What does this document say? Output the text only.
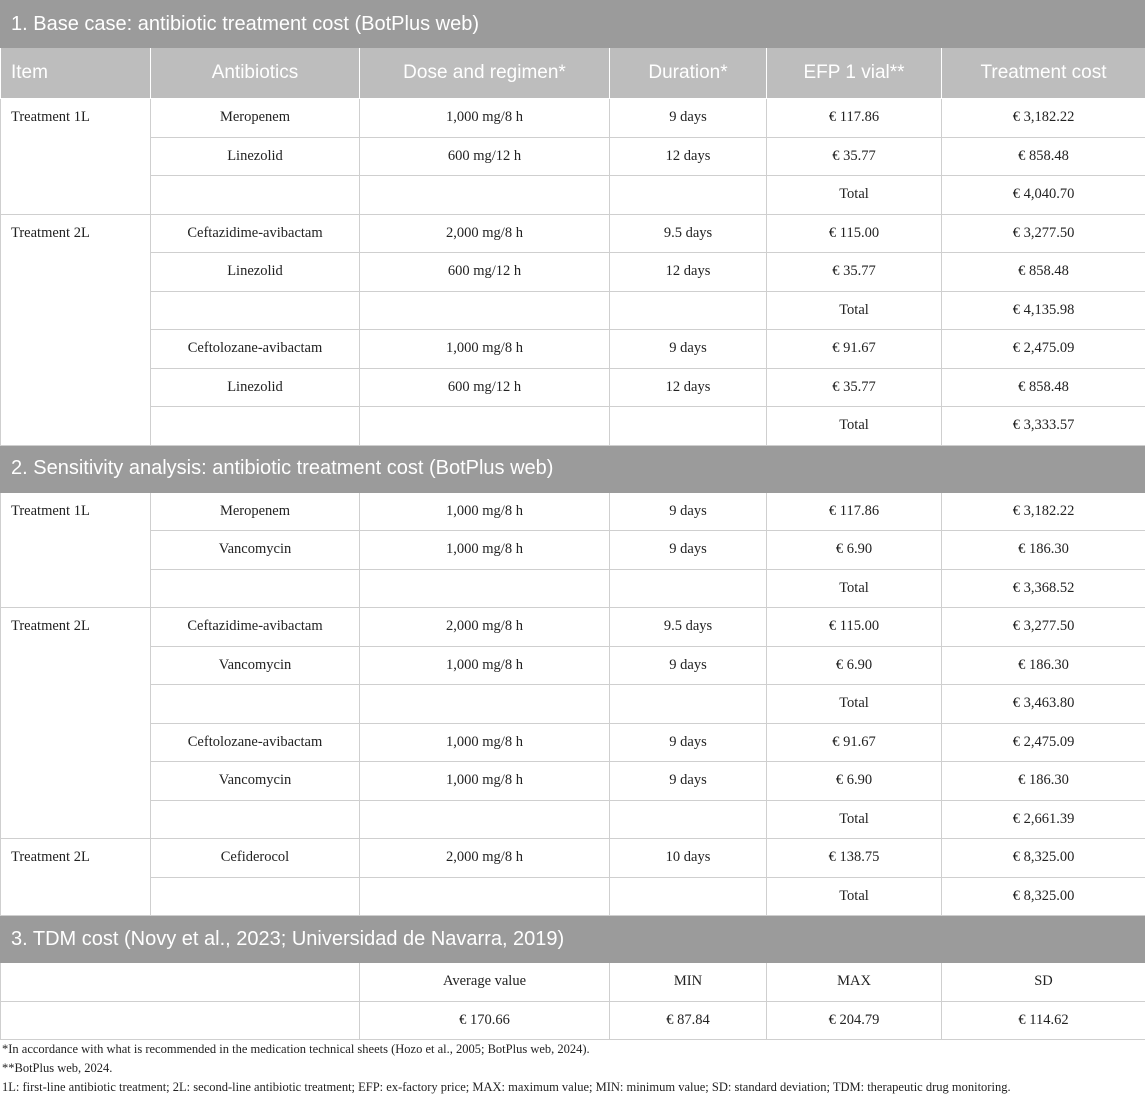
1. Base case: antibiotic treatment cost (BotPlus web)					
Item	Antibiotics	Dose and regimen*	Duration*	EFP 1 vial**	Treatment cost
Treatment 1L	Meropenem	1,000 mg/8 h	9 days	€ 117.86	€ 3,182.22
	Linezolid	600 mg/12 h	12 days	€ 35.77	€ 858.48
				Total	€ 4,040.70
Treatment 2L	Ceftazidime-avibactam	2,000 mg/8 h	9.5 days	€ 115.00	€ 3,277.50
	Linezolid	600 mg/12 h	12 days	€ 35.77	€ 858.48
				Total	€ 4,135.98
	Ceftolozane-avibactam	1,000 mg/8 h	9 days	€ 91.67	€ 2,475.09
	Linezolid	600 mg/12 h	12 days	€ 35.77	€ 858.48
				Total	€ 3,333.57
2. Sensitivity analysis: antibiotic treatment cost (BotPlus web)					
Treatment 1L	Meropenem	1,000 mg/8 h	9 days	€ 117.86	€ 3,182.22
	Vancomycin	1,000 mg/8 h	9 days	€ 6.90	€ 186.30
				Total	€ 3,368.52
Treatment 2L	Ceftazidime-avibactam	2,000 mg/8 h	9.5 days	€ 115.00	€ 3,277.50
	Vancomycin	1,000 mg/8 h	9 days	€ 6.90	€ 186.30
				Total	€ 3,463.80
	Ceftolozane-avibactam	1,000 mg/8 h	9 days	€ 91.67	€ 2,475.09
	Vancomycin	1,000 mg/8 h	9 days	€ 6.90	€ 186.30
				Total	€ 2,661.39
Treatment 2L	Cefiderocol	2,000 mg/8 h	10 days	€ 138.75	€ 8,325.00
				Total	€ 8,325.00
3. TDM cost (Novy et al., 2023; Universidad de Navarra, 2019)					
		Average value	MIN	MAX	SD
		€ 170.66	€ 87.84	€ 204.79	€ 114.62
*In accordance with what is recommended in the medication technical sheets (Hozo et al., 2005; BotPlus web, 2024).
**BotPlus web, 2024.
1L: first-line antibiotic treatment; 2L: second-line antibiotic treatment; EFP: ex-factory price; MAX: maximum value; MIN: minimum value; SD: standard deviation; TDM: therapeutic drug monitoring.
